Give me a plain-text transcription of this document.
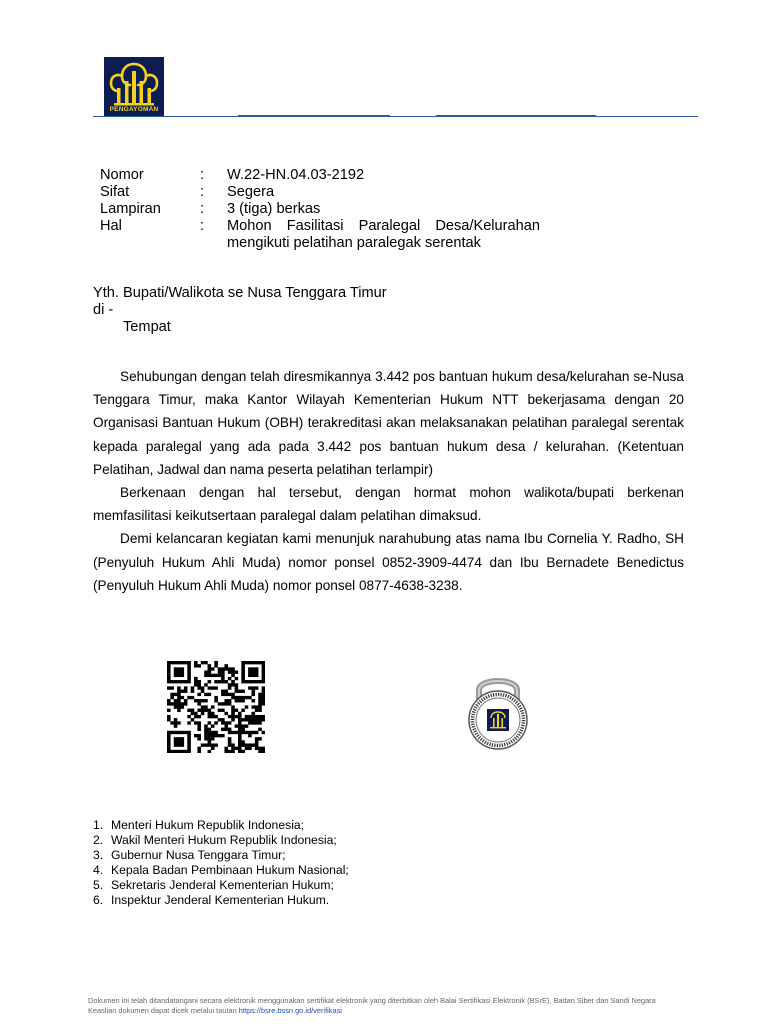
PENGAYOMAN
Nomor	: W.22-HN.04.03-2192
Sifat	: Segera
Lampiran	: 3 (tiga) berkas
Hal	: Mohon Fasilitasi Paralegal Desa/Kelurahan
mengikuti pelatihan paralegak serentak
Yth. Bupati/Walikota se Nusa Tenggara Timur
di -
Tempat

Sehubungan dengan telah diresmikannya 3.442 pos bantuan hukum desa/kelurahan se-Nusa Tenggara Timur, maka Kantor Wilayah Kementerian Hukum NTT bekerjasama dengan 20 Organisasi Bantuan Hukum (OBH) terakreditasi akan melaksanakan pelatihan paralegal serentak kepada paralegal yang ada pada 3.442 pos bantuan hukum desa / kelurahan. (Ketentuan Pelatihan, Jadwal dan nama peserta pelatihan terlampir)

Berkenaan dengan hal tersebut, dengan hormat mohon walikota/bupati berkenan memfasilitasi keikutsertaan paralegal dalam pelatihan dimaksud.

Demi kelancaran kegiatan kami menunjuk narahubung atas nama Ibu Cornelia Y. Radho, SH (Penyuluh Hukum Ahli Muda) nomor ponsel 0852-3909-4474 dan Ibu Bernadete Benedictus (Penyuluh Hukum Ahli Muda) nomor ponsel 0877-4638-3238.

1. Menteri Hukum Republik Indonesia;
2. Wakil Menteri Hukum Republik Indonesia;
3. Gubernur Nusa Tenggara Timur;
4. Kepala Badan Pembinaan Hukum Nasional;
5. Sekretaris Jenderal Kementerian Hukum;
6. Inspektur Jenderal Kementerian Hukum.
Dokumen ini telah ditandatangani secara elektronik menggunakan sertifikat elektronik yang diterbitkan oleh Balai Sertifikasi Elektronik (BSrE), Badan Siber dan Sandi Negara
Keaslian dokumen dapat dicek melalui tautan https://bsre.bssn.go.id/verifikasi
